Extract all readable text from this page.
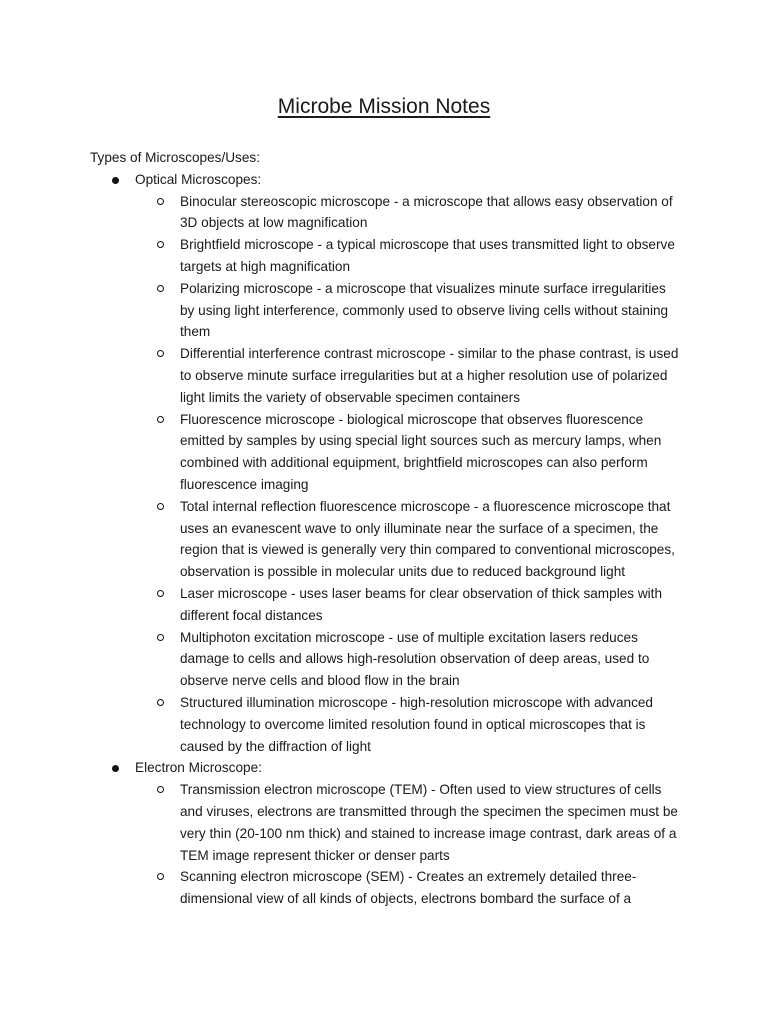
Microbe Mission Notes

Types of Microscopes/Uses:

Optical Microscopes:
Binocular stereoscopic microscope - a microscope that allows easy observation of 3D objects at low magnification
Brightfield microscope - a typical microscope that uses transmitted light to observe targets at high magnification
Polarizing microscope - a microscope that visualizes minute surface irregularities by using light interference, commonly used to observe living cells without staining them
Differential interference contrast microscope - similar to the phase contrast, is used to observe minute surface irregularities but at a higher resolution use of polarized light limits the variety of observable specimen containers
Fluorescence microscope - biological microscope that observes fluorescence emitted by samples by using special light sources such as mercury lamps, when combined with additional equipment, brightfield microscopes can also perform fluorescence imaging
Total internal reflection fluorescence microscope - a fluorescence microscope that uses an evanescent wave to only illuminate near the surface of a specimen, the region that is viewed is generally very thin compared to conventional microscopes, observation is possible in molecular units due to reduced background light
Laser microscope - uses laser beams for clear observation of thick samples with different focal distances
Multiphoton excitation microscope - use of multiple excitation lasers reduces damage to cells and allows high-resolution observation of deep areas, used to observe nerve cells and blood flow in the brain
Structured illumination microscope - high-resolution microscope with advanced technology to overcome limited resolution found in optical microscopes that is caused by the diffraction of light
Electron Microscope:
Transmission electron microscope (TEM) - Often used to view structures of cells and viruses, electrons are transmitted through the specimen the specimen must be very thin (20-100 nm thick) and stained to increase image contrast, dark areas of a TEM image represent thicker or denser parts
Scanning electron microscope (SEM) - Creates an extremely detailed three-dimensional view of all kinds of objects, electrons bombard the surface of a
